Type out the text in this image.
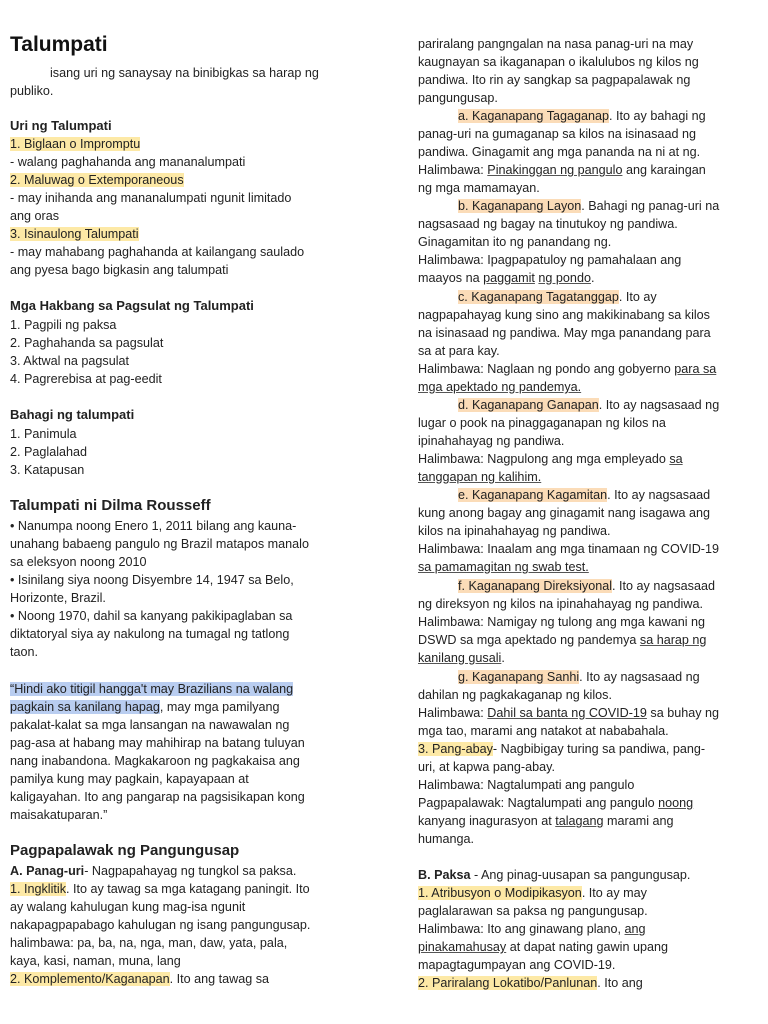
Talumpati
isang uri ng sanaysay na binibigkas sa harap ng
publiko.
Uri ng Talumpati
1. Biglaan o Impromptu
- walang paghahanda ang mananalumpati
2. Maluwag o Extemporaneous
- may inihanda ang mananalumpati ngunit limitado
ang oras
3. Isinaulong Talumpati
- may mahabang paghahanda at kailangang saulado
ang pyesa bago bigkasin ang talumpati
Mga Hakbang sa Pagsulat ng Talumpati
1. Pagpili ng paksa
2. Paghahanda sa pagsulat
3. Aktwal na pagsulat
4. Pagrerebisa at pag-eedit
Bahagi ng talumpati
1. Panimula
2. Paglalahad
3. Katapusan
Talumpati ni Dilma Rousseff
• Nanumpa noong Enero 1, 2011 bilang ang kauna-
unahang babaeng pangulo ng Brazil matapos manalo
sa eleksyon noong 2010
• Isinilang siya noong Disyembre 14, 1947 sa Belo,
Horizonte, Brazil.
• Noong 1970, dahil sa kanyang pakikipaglaban sa
diktatoryal siya ay nakulong na tumagal ng tatlong
taon.
“Hindi ako titigil hangga't may Brazilians na walang
pagkain sa kanilang hapag, may mga pamilyang
pakalat-kalat sa mga lansangan na nawawalan ng
pag-asa at habang may mahihirap na batang tuluyan
nang inabandona. Magkakaroon ng pagkakaisa ang
pamilya kung may pagkain, kapayapaan at
kaligayahan. Ito ang pangarap na pagsisikapan kong
maisakatuparan.”
Pagpapalawak ng Pangungusap
A. Panag-uri- Nagpapahayag ng tungkol sa paksa.
1. Ingklitik. Ito ay tawag sa mga katagang paningit. Ito
ay walang kahulugan kung mag-isa ngunit
nakapagpapabago kahulugan ng isang pangungusap.
halimbawa: pa, ba, na, nga, man, daw, yata, pala,
kaya, kasi, naman, muna, lang
2. Komplemento/Kaganapan. Ito ang tawag sa
pariralang pangngalan na nasa panag-uri na may
kaugnayan sa ikaganapan o ikalulubos ng kilos ng
pandiwa. Ito rin ay sangkap sa pagpapalawak ng
pangungusap.
a. Kaganapang Tagaganap. Ito ay bahagi ng
panag-uri na gumaganap sa kilos na isinasaad ng
pandiwa. Ginagamit ang mga pananda na ni at ng.
Halimbawa: Pinakinggan ng pangulo ang karaingan
ng mga mamamayan.
b. Kaganapang Layon. Bahagi ng panag-uri na
nagsasaad ng bagay na tinutukoy ng pandiwa.
Ginagamitan ito ng panandang ng.
Halimbawa: Ipagpapatuloy ng pamahalaan ang
maayos na paggamit ng pondo.
c. Kaganapang Tagatanggap. Ito ay
nagpapahayag kung sino ang makikinabang sa kilos
na isinasaad ng pandiwa. May mga panandang para
sa at para kay.
Halimbawa: Naglaan ng pondo ang gobyerno para sa
mga apektado ng pandemya.
d. Kaganapang Ganapan. Ito ay nagsasaad ng
lugar o pook na pinaggaganapan ng kilos na
ipinahahayag ng pandiwa.
Halimbawa: Nagpulong ang mga empleyado sa
tanggapan ng kalihim.
e. Kaganapang Kagamitan. Ito ay nagsasaad
kung anong bagay ang ginagamit nang isagawa ang
kilos na ipinahahayag ng pandiwa.
Halimbawa: Inaalam ang mga tinamaan ng COVID-19
sa pamamagitan ng swab test.
f. Kaganapang Direksiyonal. Ito ay nagsasaad
ng direksyon ng kilos na ipinahahayag ng pandiwa.
Halimbawa: Namigay ng tulong ang mga kawani ng
DSWD sa mga apektado ng pandemya sa harap ng
kanilang gusali.
g. Kaganapang Sanhi. Ito ay nagsasaad ng
dahilan ng pagkakaganap ng kilos.
Halimbawa: Dahil sa banta ng COVID-19 sa buhay ng
mga tao, marami ang natakot at nababahala.
3. Pang-abay- Nagbibigay turing sa pandiwa, pang-
uri, at kapwa pang-abay.
Halimbawa: Nagtalumpati ang pangulo
Pagpapalawak: Nagtalumpati ang pangulo noong
kanyang inagurasyon at talagang marami ang
humanga.
B. Paksa - Ang pinag-uusapan sa pangungusap.
1. Atribusyon o Modipikasyon. Ito ay may
paglalarawan sa paksa ng pangungusap.
Halimbawa: Ito ang ginawang plano, ang
pinakamahusay at dapat nating gawin upang
mapagtagumpayan ang COVID-19.
2. Pariralang Lokatibo/Panlunan. Ito ang
